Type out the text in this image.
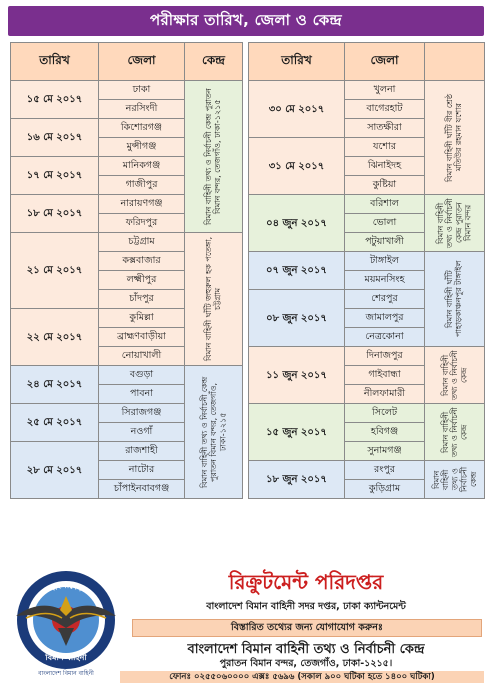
পরীক্ষার তারিখ, জেলা ও কেন্দ্র
তারিখ	জেলা	কেন্দ্র
১৫ মে ২০১৭	ঢাকা	বিমান বাহিনী তথ্য ও নির্বাচনী কেন্দ্র পুরাতন বিমান বন্দর, তেজগাঁও, ঢাকা-১২১৫

	নরসিংদী	
১৬ মে ২০১৭	কিশোরগঞ্জ	
	মুন্সীগঞ্জ	
১৭ মে ২০১৭	মানিকগঞ্জ	
	গাজীপুর	
১৮ মে ২০১৭	নারায়ণগঞ্জ	
	ফরিদপুর	
২১ মে ২০১৭	চট্টগ্রাম	বিমান বাহিনী ঘাঁটি জহুরুল হক পতেঙ্গা, চট্টগ্রাম

	কক্সবাজার	
	লক্ষ্মীপুর	
	চাঁদপুর	
২২ মে ২০১৭	কুমিল্লা	
	ব্রাহ্মণবাড়ীয়া	
	নোয়াখালী	
২৪ মে ২০১৭	বগুড়া	বিমান বাহিনী তথ্য ও নির্বাচনী কেন্দ্র পুরাতন বিমান বন্দর, তেজগাঁও, ঢাকা-১২১৫

	পাবনা	
২৫ মে ২০১৭	সিরাজগঞ্জ	
	নওগাঁ	
২৮ মে ২০১৭	রাজশাহী	
	নাটোর	
	চাঁপাইনবাবগঞ্জ	
তারিখ	জেলা	
৩০ মে ২০১৭	খুলনা	বিমান বাহিনী ঘাঁটি বীর শ্রেষ্ঠ মতিউর রহমান যশোর

	বাগেরহাট	
	সাতক্ষীরা	
৩১ মে ২০১৭	যশোর	
	ঝিনাইদহ	
	কুষ্টিয়া	
০৪ জুন ২০১৭	বরিশাল	বিমান বাহিনী তথ্য ও নির্বাচনী কেন্দ্র পুরাতন বিমান বন্দর

	ভোলা	
	পটুয়াখালী	
০৭ জুন ২০১৭	টাঙ্গাইল	বিমান বাহিনী ঘাঁটি পাহাড়কাঞ্চনপুর টাঙ্গাইল

	ময়মনসিংহ	
০৮ জুন ২০১৭	শেরপুর	
	জামালপুর	
	নেত্রকোনা	
১১ জুন ২০১৭	দিনাজপুর	বিমান বাহিনী তথ্য ও নির্বাচনী কেন্দ্র

	গাইবান্ধা	
	নীলফামারী	
১৫ জুন ২০১৭	সিলেট	বিমান বাহিনী তথ্য ও নির্বাচনী কেন্দ্র

	হবিগঞ্জ	
	সুনামগঞ্জ	
১৮ জুন ২০১৭	রংপুর	বিমান বাহিনী তথ্য ও নির্বাচনী কেন্দ্র

	কুড়িগ্রাম	
বাংলাদেশ
বিমান বাহিনী
বাংলাদেশ বিমান বাহিনী
রিক্রুটমেন্ট পরিদপ্তর
বাংলাদেশ বিমান বাহিনী সদর দপ্তর, ঢাকা ক্যান্টনমেন্ট
বিস্তারিত তথ্যের জন্য যোগাযোগ করুনঃ
বাংলাদেশ বিমান বাহিনী তথ্য ও নির্বাচনী কেন্দ্র
পুরাতন বিমান বন্দর, তেজগাঁও, ঢাকা-১২১৫।
ফোনঃ ০২৫৫০৬০০০০ এক্সঃ ৫৬৯৬ (সকাল ৯০০ ঘটিকা হতে ১৪০০ ঘটিকা)
